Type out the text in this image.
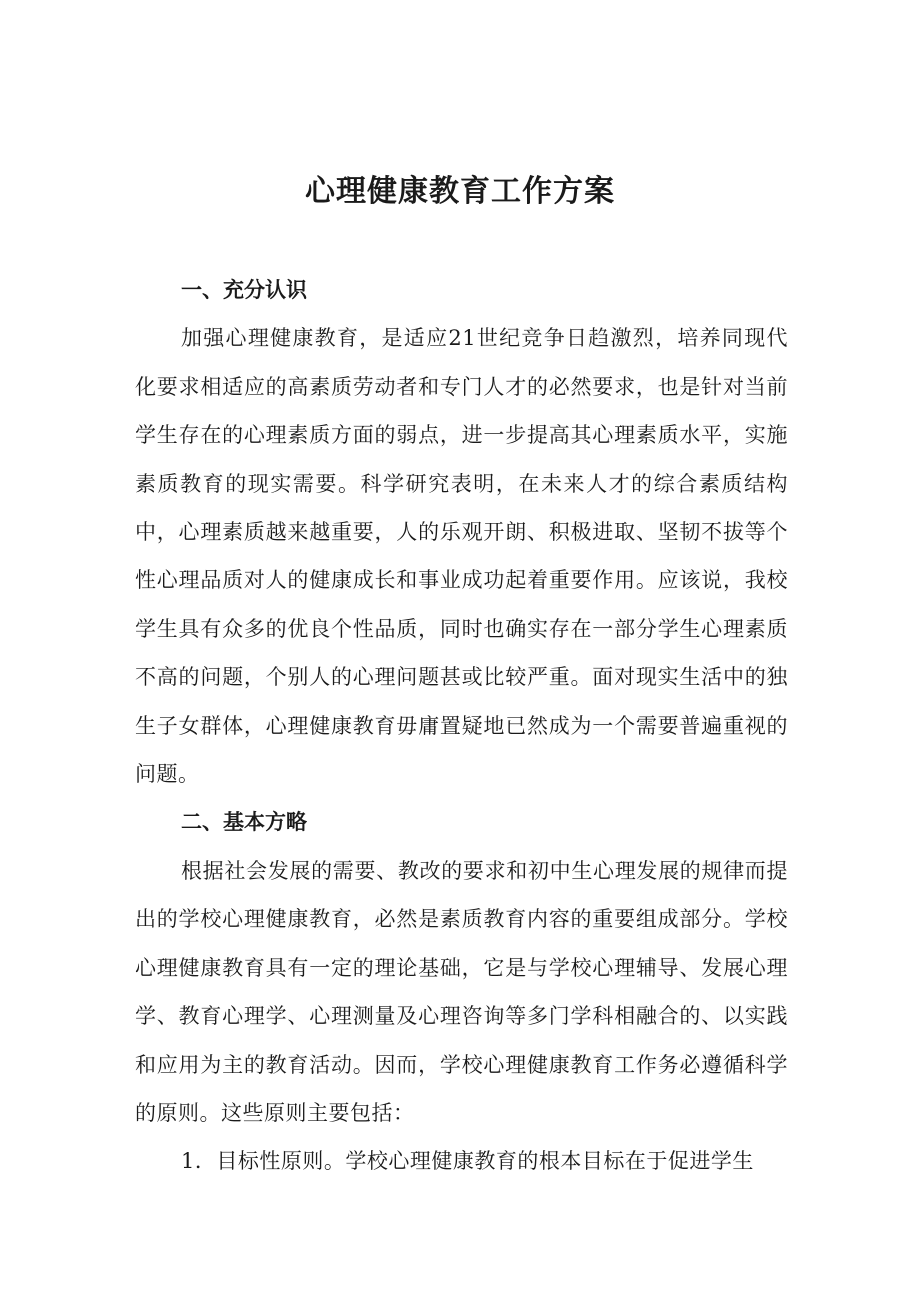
心理健康教育工作方案

一、充分认识

加强心理健康教育，是适应21世纪竞争日趋激烈，培养同现代化要求相适应的高素质劳动者和专门人才的必然要求，也是针对当前学生存在的心理素质方面的弱点，进一步提高其心理素质水平，实施素质教育的现实需要。科学研究表明，在未来人才的综合素质结构中，心理素质越来越重要，人的乐观开朗、积极进取、坚韧不拔等个性心理品质对人的健康成长和事业成功起着重要作用。应该说，我校学生具有众多的优良个性品质，同时也确实存在一部分学生心理素质不高的问题，个别人的心理问题甚或比较严重。面对现实生活中的独生子女群体，心理健康教育毋庸置疑地已然成为一个需要普遍重视的问题。

二、基本方略

根据社会发展的需要、教改的要求和初中生心理发展的规律而提出的学校心理健康教育，必然是素质教育内容的重要组成部分。学校心理健康教育具有一定的理论基础，它是与学校心理辅导、发展心理学、教育心理学、心理测量及心理咨询等多门学科相融合的、以实践和应用为主的教育活动。因而，学校心理健康教育工作务必遵循科学的原则。这些原则主要包括：

1．目标性原则。学校心理健康教育的根本目标在于促进学生
